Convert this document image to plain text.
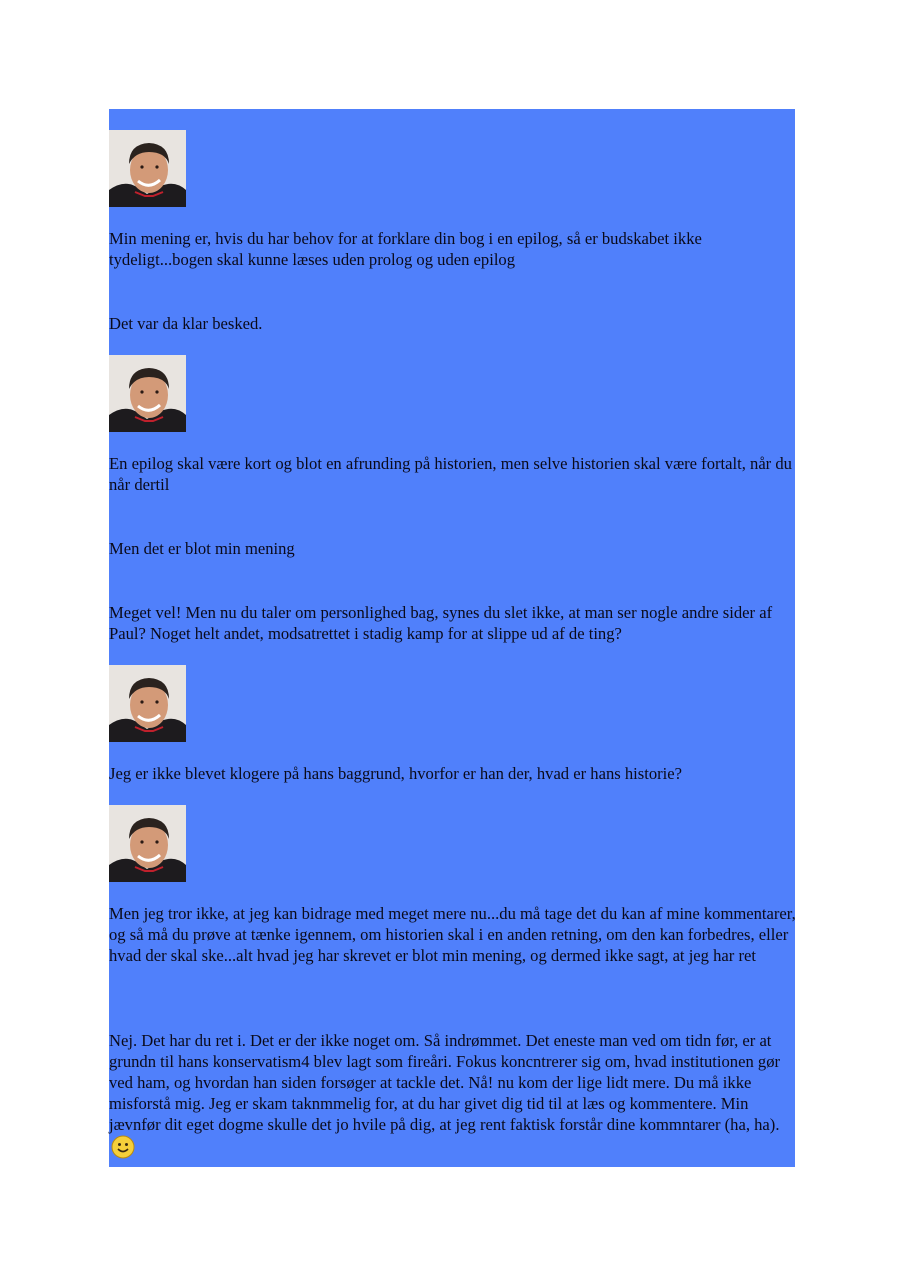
Min mening er, hvis du har behov for at forklare din bog i en epilog, så er budskabet ikke tydeligt...bogen skal kunne læses uden prolog og uden epilog

Det var da klar besked.

En epilog skal være kort og blot en afrunding på historien, men selve historien skal være fortalt, når du når dertil

Men det er blot min mening

Meget vel! Men nu du taler om personlighed bag, synes du slet ikke, at man ser nogle andre sider af Paul? Noget helt andet, modsatrettet i stadig kamp for at slippe ud af de ting?

Jeg er ikke blevet klogere på hans baggrund, hvorfor er han der, hvad er hans historie?

Men jeg tror ikke, at jeg kan bidrage med meget mere nu...du må tage det du kan af mine kommentarer, og så må du prøve at tænke igennem, om historien skal i en anden retning, om den kan forbedres, eller hvad der skal ske...alt hvad jeg har skrevet er blot min mening, og dermed ikke sagt, at jeg har ret

Nej. Det har du ret i. Det er der ikke noget om. Så indrømmet. Det eneste man ved om tidn før, er at grundn til hans konservatism4 blev lagt som fireåri. Fokus koncntrerer sig om, hvad institutionen gør ved ham, og hvordan han siden forsøger at tackle det. Nå! nu kom der lige lidt mere. Du må ikke misforstå mig. Jeg er skam taknmmelig for, at du har givet dig tid til at læs og kommentere. Min jævnfør dit eget dogme skulle det jo hvile på dig, at jeg rent faktisk forstår dine kommntarer (ha, ha).
